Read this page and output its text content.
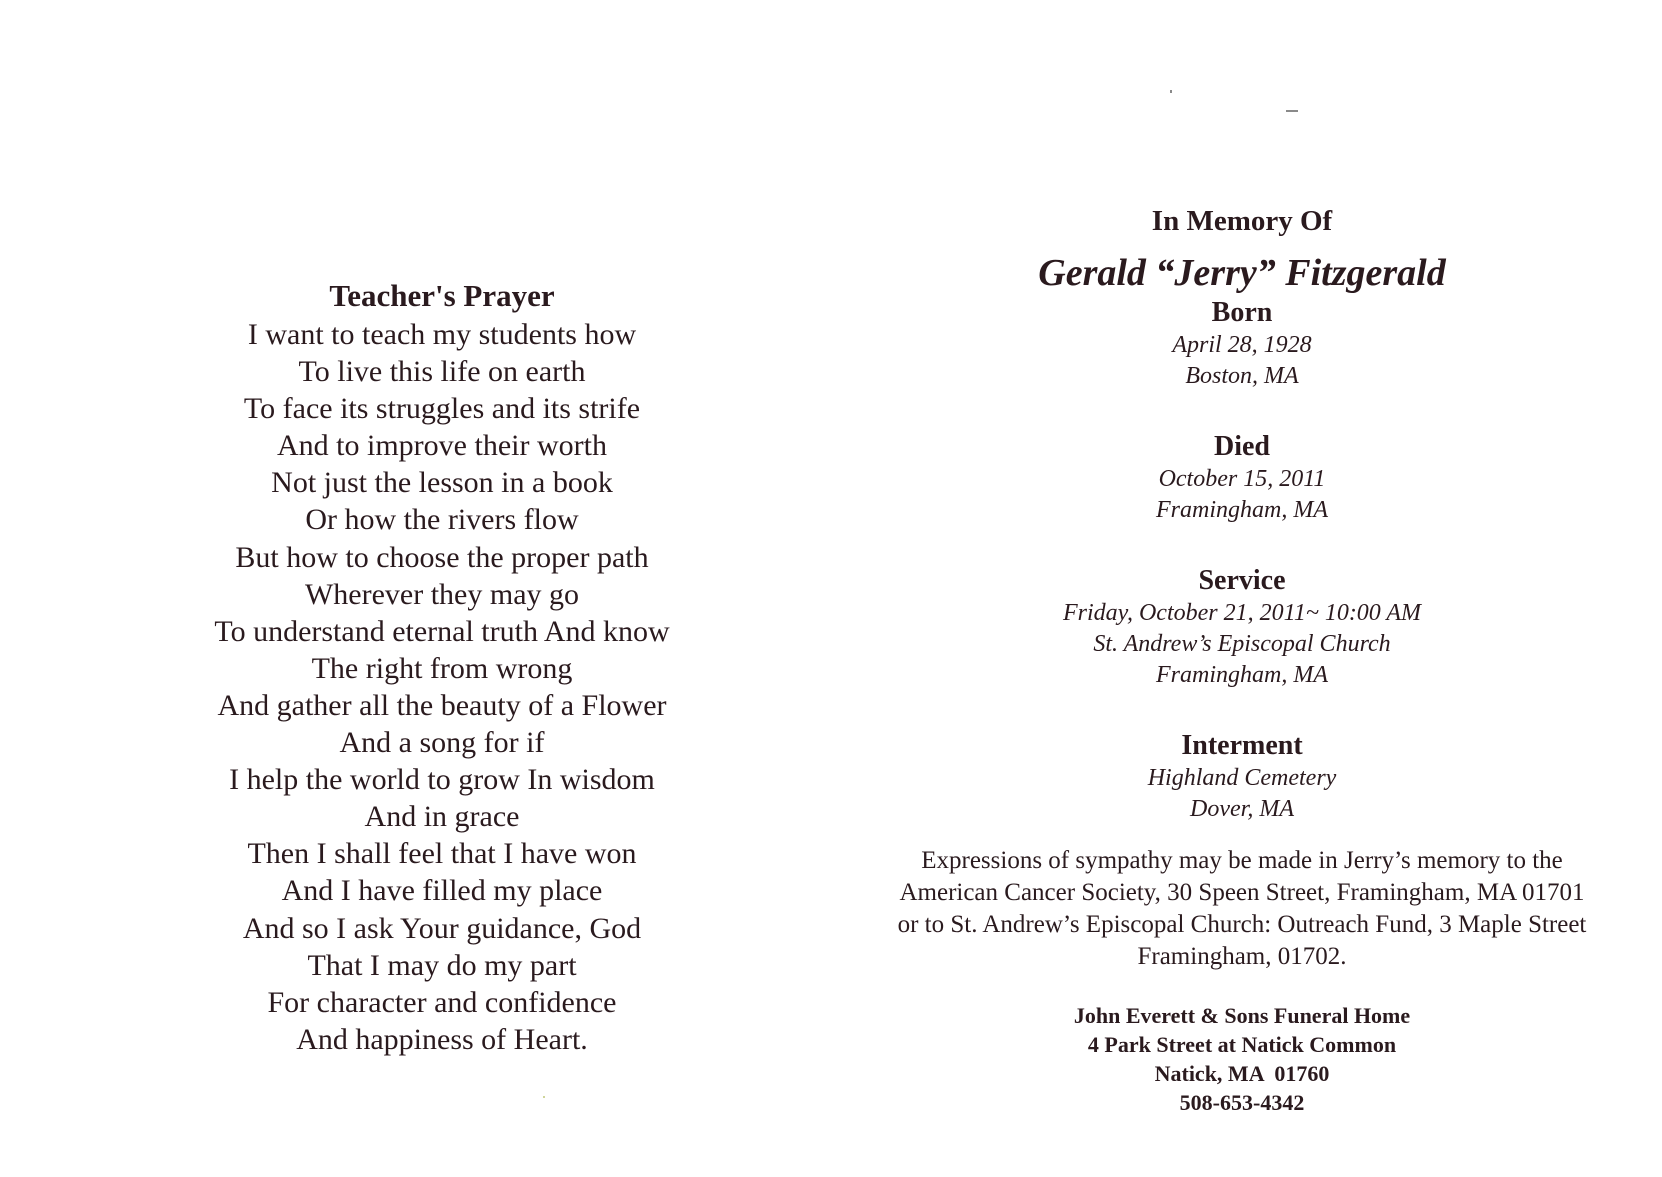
Teacher's Prayer
I want to teach my students how
To live this life on earth
To face its struggles and its strife
And to improve their worth
Not just the lesson in a book
Or how the rivers flow
But how to choose the proper path
Wherever they may go
To understand eternal truth And know
The right from wrong
And gather all the beauty of a Flower
And a song for if
I help the world to grow In wisdom
And in grace
Then I shall feel that I have won
And I have filled my place
And so I ask Your guidance, God
That I may do my part
For character and confidence
And happiness of Heart.
In Memory Of
Gerald “Jerry” Fitzgerald
Born
April 28, 1928
Boston, MA
Died
October 15, 2011
Framingham, MA
Service
Friday, October 21, 2011~ 10:00 AM
St. Andrew’s Episcopal Church
Framingham, MA
Interment
Highland Cemetery
Dover, MA
Expressions of sympathy may be made in Jerry’s memory to the
American Cancer Society, 30 Speen Street, Framingham, MA 01701
or to St. Andrew’s Episcopal Church: Outreach Fund, 3 Maple Street
Framingham, 01702.
John Everett & Sons Funeral Home
4 Park Street at Natick Common
Natick, MA  01760
508-653-4342
